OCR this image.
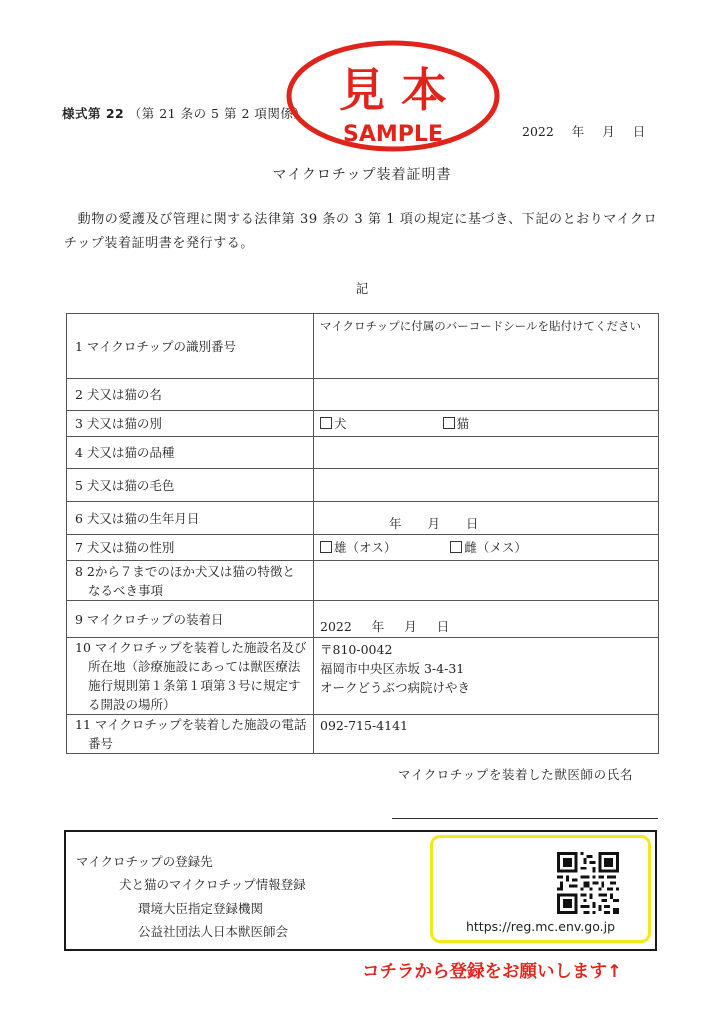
様式第 22 （第 21 条の 5 第 2 項関係）
2022 年 月 日
見 本
SAMPLE
マイクロチップ装着証明書
　動物の愛護及び管理に関する法律第 39 条の 3 第 1 項の規定に基づき、下記のとおりマイクロチップ装着証明書を発行する。
記
1 マイクロチップの識別番号	マイクロチップに付属のバーコードシールを貼付けてください

2 犬又は猫の名	
3 犬又は猫の別	犬 猫
4 犬又は猫の品種	
5 犬又は猫の毛色	
6 犬又は猫の生年月日	年 月 日
7 犬又は猫の性別	雄（オス） 雌（メス）

8 2から７までのほか犬又は猫の特徴となるべき事項	

9 マイクロチップの装着日	2022 年 月 日

10 マイクロチップを装着した施設名及び所在地（診療施設にあっては獣医療法施行規則第１条第１項第３号に規定する開設の場所）	〒810-0042
福岡市中央区赤坂 3-4-31
オークどうぶつ病院けやき

11 マイクロチップを装着した施設の電話番号	092-715-4141
マイクロチップを装着した獣医師の氏名
マイクロチップの登録先
犬と猫のマイクロチップ情報登録
環境大臣指定登録機関
公益社団法人日本獣医師会	https://reg.mc.env.go.jp
コチラから登録をお願いします↑
